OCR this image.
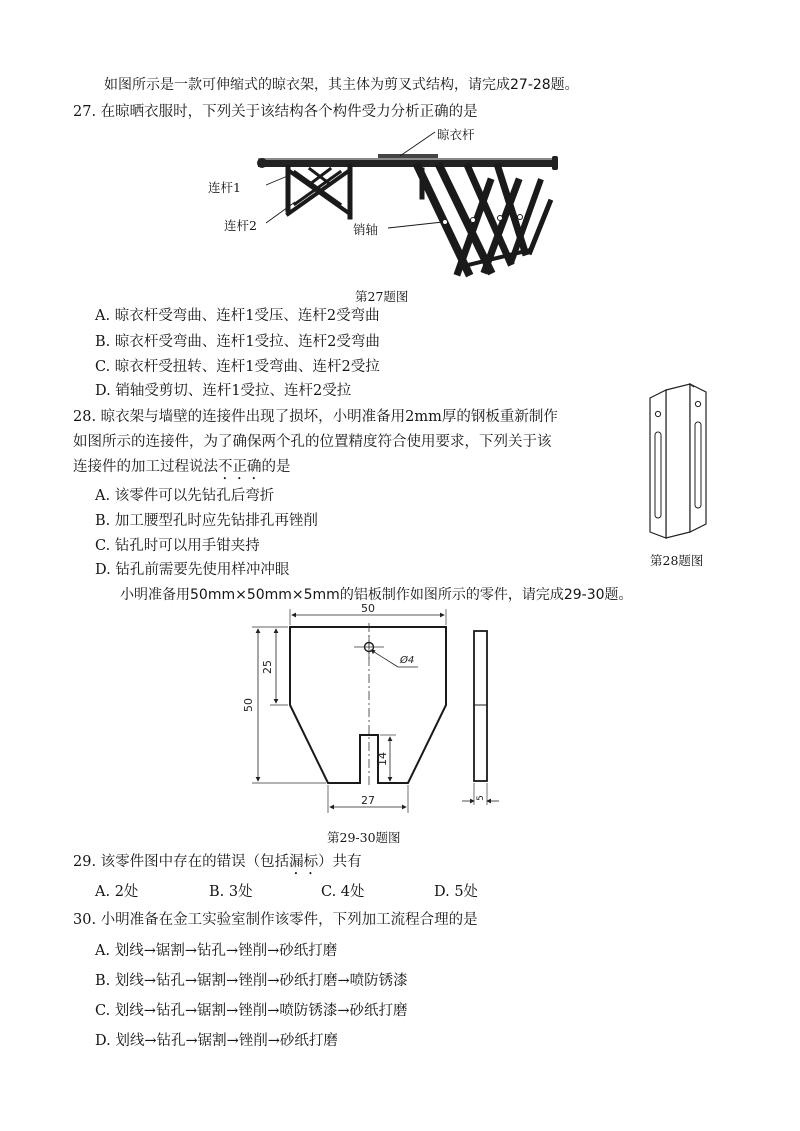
如图所示是一款可伸缩式的晾衣架，其主体为剪叉式结构，请完成27-28题。
27. 在晾晒衣服时，下列关于该结构各个构件受力分析正确的是
晾衣杆
连杆1
连杆2	销轴
第27题图
A. 晾衣杆受弯曲、连杆1受压、连杆2受弯曲
B. 晾衣杆受弯曲、连杆1受拉、连杆2受弯曲
C. 晾衣杆受扭转、连杆1受弯曲、连杆2受拉
D. 销轴受剪切、连杆1受拉、连杆2受拉
第28题图
28. 晾衣架与墙壁的连接件出现了损坏，小明准备用2mm厚的钢板重新制作
如图所示的连接件，为了确保两个孔的位置精度符合使用要求，下列关于该
连接件的加工过程说法不正确的是
A. 该零件可以先钻孔后弯折
B. 加工腰型孔时应先钻排孔再锉削
C. 钻孔时可以用手钳夹持
D. 钻孔前需要先使用样冲冲眼
小明准备用50mm×50mm×5mm的铝板制作如图所示的零件，请完成29-30题。
50
50
25	Ø4
14
27	5
第29-30题图
29. 该零件图中存在的错误（包括漏标）共有
A. 2处	B. 3处	C. 4处	D. 5处
30. 小明准备在金工实验室制作该零件，下列加工流程合理的是
A. 划线→锯割→钻孔→锉削→砂纸打磨
B. 划线→钻孔→锯割→锉削→砂纸打磨→喷防锈漆
C. 划线→钻孔→锯割→锉削→喷防锈漆→砂纸打磨
D. 划线→钻孔→锯割→锉削→砂纸打磨
